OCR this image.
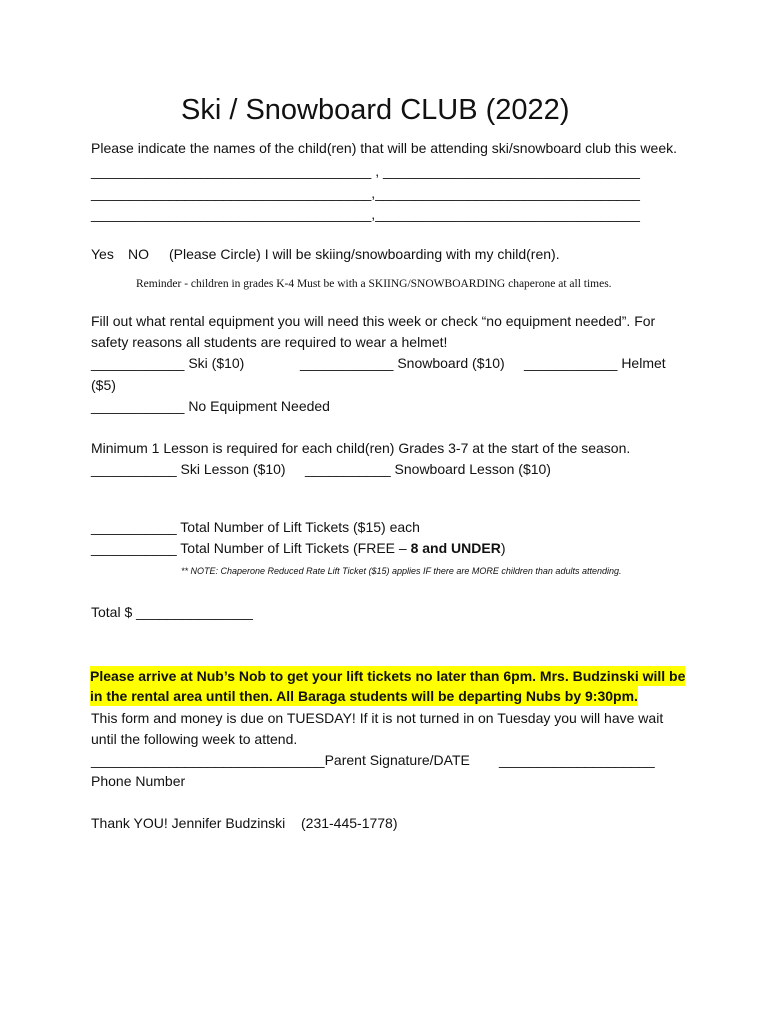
Ski / Snowboard CLUB (2022)
Please indicate the names of the child(ren) that will be attending ski/snowboard club this week.
____________________________________ , _________________________________
____________________________________,__________________________________
____________________________________,__________________________________
Yes NO (Please Circle) I will be skiing/snowboarding with my child(ren).
Reminder - children in grades K-4 Must be with a SKIING/SNOWBOARDING chaperone at all times.
Fill out what rental equipment you will need this week or check “no equipment needed”. For
safety reasons all students are required to wear a helmet!
____________ Ski ($10)	____________ Snowboard ($10) ____________ Helmet
($5)
____________ No Equipment Needed
Minimum 1 Lesson is required for each child(ren) Grades 3-7 at the start of the season.
___________ Ski Lesson ($10) ___________ Snowboard Lesson ($10)
___________ Total Number of Lift Tickets ($15) each
___________ Total Number of Lift Tickets (FREE – 8 and UNDER)
** NOTE: Chaperone Reduced Rate Lift Ticket ($15) applies IF there are MORE children than adults attending.
Total $ _______________
Please arrive at Nub’s Nob to get your lift tickets no later than 6pm. Mrs. Budzinski will be
in the rental area until then. All Baraga students will be departing Nubs by 9:30pm.
This form and money is due on TUESDAY! If it is not turned in on Tuesday you will have wait
until the following week to attend.
______________________________Parent Signature/DATE ____________________
Phone Number
Thank YOU! Jennifer Budzinski (231-445-1778)
